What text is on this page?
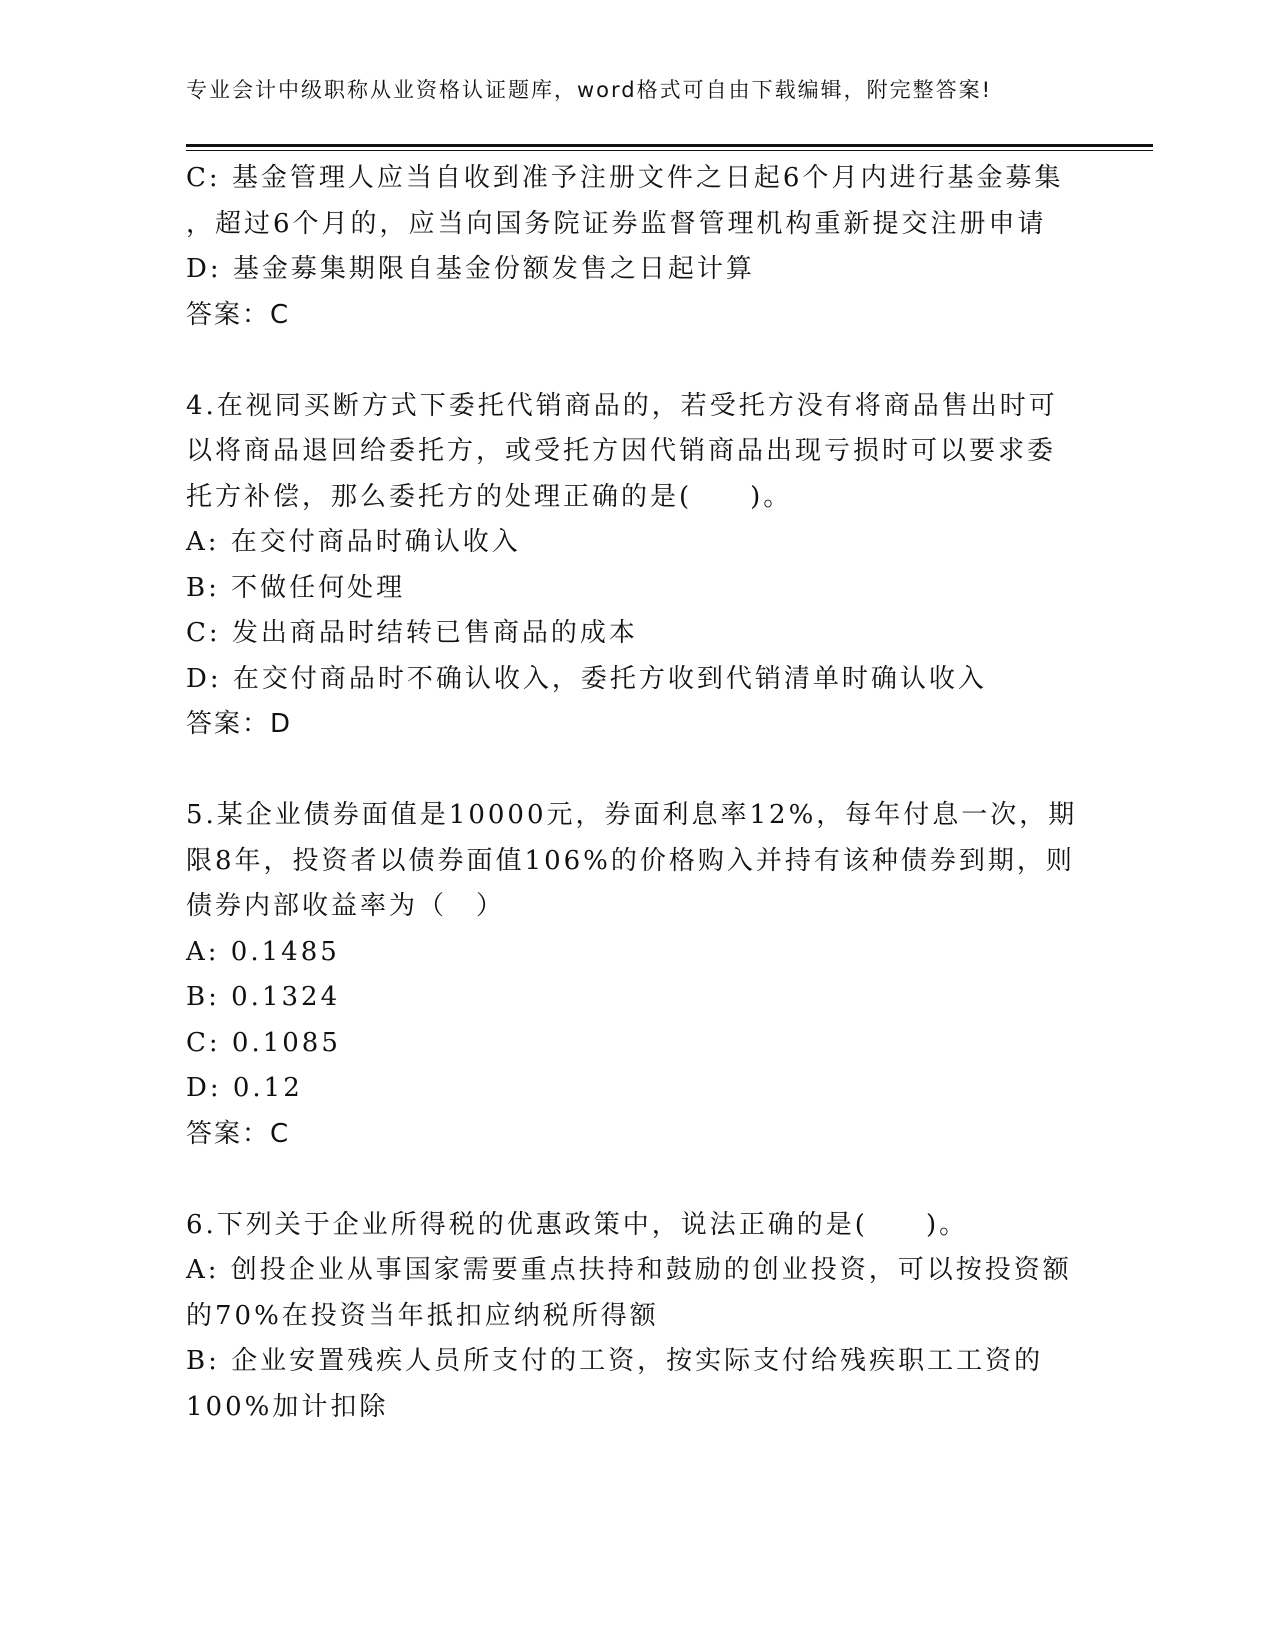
专业会计中级职称从业资格认证题库，word格式可自由下载编辑，附完整答案!
C: 基金管理人应当自收到准予注册文件之日起6个月内进行基金募集
，超过6个月的，应当向国务院证券监督管理机构重新提交注册申请
D: 基金募集期限自基金份额发售之日起计算
答案：C
4.在视同买断方式下委托代销商品的，若受托方没有将商品售出时可
以将商品退回给委托方，或受托方因代销商品出现亏损时可以要求委
托方补偿，那么委托方的处理正确的是(　　)。
A: 在交付商品时确认收入
B: 不做任何处理
C: 发出商品时结转已售商品的成本
D: 在交付商品时不确认收入，委托方收到代销清单时确认收入
答案：D
5.某企业债券面值是10000元，券面利息率12%，每年付息一次，期
限8年，投资者以债券面值106%的价格购入并持有该种债券到期，则
债券内部收益率为（　）
A: 0.1485
B: 0.1324
C: 0.1085
D: 0.12
答案：C
6.下列关于企业所得税的优惠政策中，说法正确的是(　　)。
A: 创投企业从事国家需要重点扶持和鼓励的创业投资，可以按投资额
的70%在投资当年抵扣应纳税所得额
B: 企业安置残疾人员所支付的工资，按实际支付给残疾职工工资的
100%加计扣除
